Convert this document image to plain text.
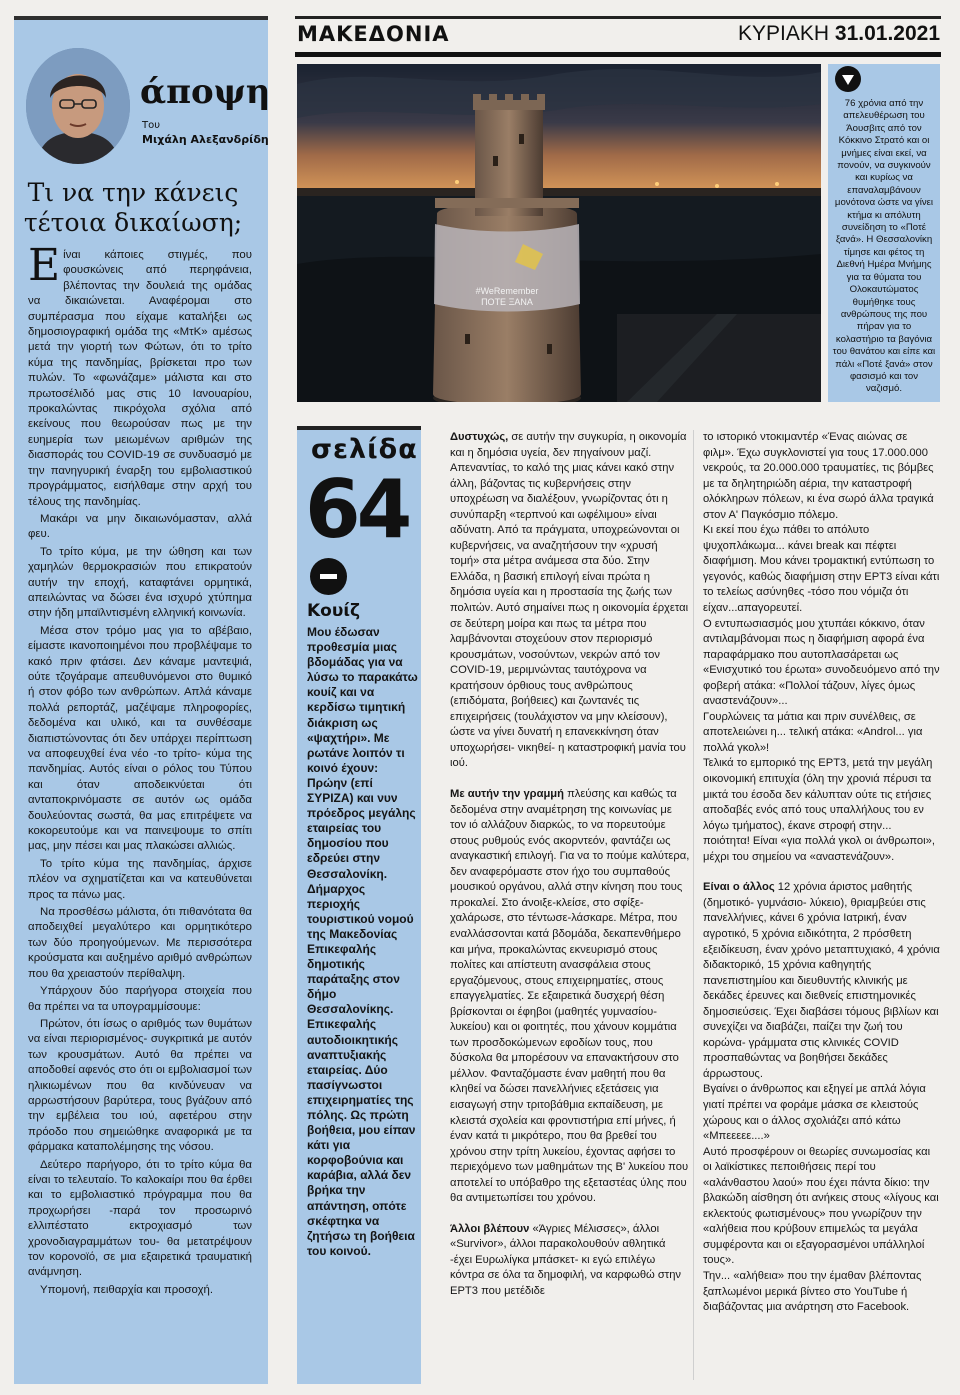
άποψη
Του
Μιχάλη Αλεξανδρίδη
Τι να την κάνεις τέτοια δικαίωση;

Είναι κάποιες στιγμές, που φουσκώνεις από περηφάνεια, βλέποντας την δουλειά της ομάδας να δικαιώνεται. Αναφέρομαι στο συμπέρασμα που είχαμε καταλήξει ως δημοσιογραφική ομάδα της «ΜτΚ» αμέσως μετά την γιορτή των Φώτων, ότι το τρίτο κύμα της πανδημίας, βρίσκεται προ των πυλών. Το «φωνάζαμε» μάλιστα και στο πρωτοσέλιδό μας στις 10 Ιανουαρίου, προκαλώντας πικρόχολα σχόλια από εκείνους που θεωρούσαν πως με την ευημερία των μειωμένων αριθμών της διασποράς του COVID-19 σε συνδυασμό με την πανηγυρική έναρξη του εμβολιαστικού προγράμματος, εισήλθαμε στην αρχή του τέλους της πανδημίας.

Μακάρι να μην δικαιωνόμασταν, αλλά φευ.

Το τρίτο κύμα, με την ώθηση και των χαμηλών θερμοκρασιών που επικρατούν αυτήν την εποχή, καταφτάνει ορμητικά, απειλώντας να δώσει ένα ισχυρό χτύπημα στην ήδη μπαϊλντισμένη ελληνική κοινωνία.

Μέσα στον τρόμο μας για το αβέβαιο, είμαστε ικανοποιημένοι που προβλέψαμε το κακό πριν φτάσει. Δεν κάναμε μαντεψιά, ούτε τζογάραμε απευθυνόμενοι στο θυμικό ή στον φόβο των ανθρώπων. Απλά κάναμε πολλά ρεπορτάζ, μαζέψαμε πληροφορίες, δεδομένα και υλικό, και τα συνθέσαμε διαπιστώνοντας ότι δεν υπάρχει περίπτωση να αποφευχθεί ένα νέο -το τρίτο- κύμα της πανδημίας. Αυτός είναι ο ρόλος του Τύπου και όταν αποδεικνύεται ότι ανταποκρινόμαστε σε αυτόν ως ομάδα δουλεύοντας σωστά, θα μας επιτρέψετε να κοκορευτούμε και να παινεψουμε το σπίτι μας, μην πέσει και μας πλακώσει αλλιώς.

Το τρίτο κύμα της πανδημίας, άρχισε πλέον να σχηματίζεται και να κατευθύνεται προς τα πάνω μας.

Να προσθέσω μάλιστα, ότι πιθανότατα θα αποδειχθεί μεγαλύτερο και ορμητικότερο των δύο προηγούμενων. Με περισσότερα κρούσματα και αυξημένο αριθμό ανθρώπων που θα χρειαστούν περίθαλψη.

Υπάρχουν δύο παρήγορα στοιχεία που θα πρέπει να τα υπογραμμίσουμε:

Πρώτον, ότι ίσως ο αριθμός των θυμάτων να είναι περιορισμένος- συγκριτικά με αυτόν των κρουσμάτων. Αυτό θα πρέπει να αποδοθεί αφενός στο ότι οι εμβολιασμοί των ηλικιωμένων που θα κινδύνευαν να αρρωστήσουν βαρύτερα, τους βγάζουν από την εμβέλεια του ιού, αφετέρου στην πρόοδο που σημειώθηκε αναφορικά με τα φάρμακα καταπολέμησης της νόσου.

Δεύτερο παρήγορο, ότι το τρίτο κύμα θα είναι το τελευταίο. Το καλοκαίρι που θα έρθει και το εμβολιαστικό πρόγραμμα που θα προχωρήσει -παρά τον προσωρινό ελλιπέστατο εκτροχιασμό των χρονοδιαγραμμάτων του- θα μετατρέψουν τον κορονοϊό, σε μια εξαιρετικά τραυματική ανάμνηση.

Υπομονή, πειθαρχία και προσοχή.

ΜΑΚΕΔΟΝΙΑ	ΚΥΡΙΑΚΗ 31.01.2021
#WeRemember
ΠΟΤΕ ΞΑΝΑ
76 χρόνια από την απελευθέρωση του Άουσβιτς από τον Κόκκινο Στρατό και οι μνήμες είναι εκεί, να πονούν, να συγκινούν και κυρίως να επαναλαμβάνουν μονότονα ώστε να γίνει κτήμα κι απόλυτη συνείδηση το «Ποτέ ξανά». Η Θεσσαλονίκη τίμησε και φέτος τη Διεθνή Ημέρα Μνήμης για τα θύματα του Ολοκαυτώματος θυμήθηκε τους ανθρώπους της που πήραν για το κολαστήριο τα βαγόνια του θανάτου και είπε και πάλι «Ποτέ ξανά» στον φασισμό και τον ναζισμό.
σελίδα
64
Κουίζ
Μου έδωσαν προθεσμία μιας βδομάδας για να λύσω το παρακάτω κουίζ και να κερδίσω τιμητική διάκριση ως «ψαχτήρι». Με ρωτάνε λοιπόν τι κοινό έχουν: Πρώην (επί ΣΥΡΙΖΑ) και νυν πρόεδρος μεγάλης εταιρείας του δημοσίου που εδρεύει στην Θεσσαλονίκη. Δήμαρχος περιοχής τουριστικού νομού της Μακεδονίας Επικεφαλής δημοτικής παράταξης στον δήμο Θεσσαλονίκης. Επικεφαλής αυτοδιοικητικής αναπτυξιακής εταιρείας. Δύο πασίγνωστοι επιχειρηματίες της πόλης. Ως πρώτη βοήθεια, μου είπαν κάτι για κορφοβούνια και καράβια, αλλά δεν βρήκα την απάντηση, οπότε σκέφτηκα να ζητήσω τη βοήθεια του κοινού.

Δυστυχώς, σε αυτήν την συγκυρία, η οικονομία και η δημόσια υγεία, δεν πηγαίνουν μαζί. Απεναντίας, το καλό της μιας κάνει κακό στην άλλη, βάζοντας τις κυβερνήσεις στην υποχρέωση να διαλέξουν, γνωρίζοντας ότι η συνύπαρξη «τερπνού και ωφέλιμου» είναι αδύνατη. Από τα πράγματα, υποχρεώνονται οι κυβερνήσεις, να αναζητήσουν την «χρυσή τομή» στα μέτρα ανάμεσα στα δύο. Στην Ελλάδα, η βασική επιλογή είναι πρώτα η δημόσια υγεία και η προστασία της ζωής των πολιτών. Αυτό σημαίνει πως η οικονομία έρχεται σε δεύτερη μοίρα και πως τα μέτρα που λαμβάνονται στοχεύουν στον περιορισμό κρουσμάτων, νοσούντων, νεκρών από τον COVID-19, μεριμνώντας ταυτόχρονα να κρατήσουν όρθιους τους ανθρώπους (επιδόματα, βοήθειες) και ζωντανές τις επιχειρήσεις (τουλάχιστον να μην κλείσουν), ώστε να γίνει δυνατή η επανεκκίνηση όταν υποχωρήσει- νικηθεί- η καταστροφική μανία του ιού.

Με αυτήν την γραμμή πλεύσης και καθώς τα δεδομένα στην αναμέτρηση της κοινωνίας με τον ιό αλλάζουν διαρκώς, το να πορευτούμε στους ρυθμούς ενός ακορντεόν, φαντάζει ως αναγκαστική επιλογή. Για να το πούμε καλύτερα, δεν αναφερόμαστε στον ήχο του συμπαθούς μουσικού οργάνου, αλλά στην κίνηση που τους προκαλεί. Στο άνοιξε-κλείσε, στο σφίξε-χαλάρωσε, στο τέντωσε-λάσκαρε. Μέτρα, που εναλλάσσονται κατά βδομάδα, δεκαπενθήμερο και μήνα, προκαλώντας εκνευρισμό στους πολίτες και απίστευτη ανασφάλεια στους εργαζόμενους, στους επιχειρηματίες, στους επαγγελματίες. Σε εξαιρετικά δυσχερή θέση βρίσκονται οι έφηβοι (μαθητές γυμνασίου- λυκείου) και οι φοιτητές, που χάνουν κομμάτια των προσδοκώμενων εφοδίων τους, που δύσκολα θα μπορέσουν να επανακτήσουν στο μέλλον. Φανταζόμαστε έναν μαθητή που θα κληθεί να δώσει πανελλήνιες εξετάσεις για εισαγωγή στην τριτοβάθμια εκπαίδευση, με κλειστά σχολεία και φροντιστήρια επί μήνες, ή έναν κατά τι μικρότερο, που θα βρεθεί του χρόνου στην τρίτη λυκείου, έχοντας αφήσει το περιεχόμενο των μαθημάτων της Β' λυκείου που αποτελεί το υπόβαθρο της εξεταστέας ύλης που θα αντιμετωπίσει του χρόνου.

Άλλοι βλέπουν «Άγριες Μέλισσες», άλλοι «Survivor», άλλοι παρακολουθούν αθλητικά -έχει Ευρωλίγκα μπάσκετ- κι εγώ επιλέγω κόντρα σε όλα τα δημοφιλή, να καρφωθώ στην ΕΡΤ3 που μετέδιδε

το ιστορικό ντοκιμαντέρ «Ένας αιώνας σε φιλμ». Έχω συγκλονιστεί για τους 17.000.000 νεκρούς, τα 20.000.000 τραυματίες, τις βόμβες με τα δηλητηριώδη αέρια, την καταστροφή ολόκληρων πόλεων, κι ένα σωρό άλλα τραγικά στον Α' Παγκόσμιο πόλεμο.

Κι εκεί που έχω πάθει το απόλυτο ψυχοπλάκωμα... κάνει break και πέφτει διαφήμιση. Μου κάνει τρομακτική εντύπωση το γεγονός, καθώς διαφήμιση στην ΕΡΤ3 είναι κάτι το τελείως ασύνηθες -τόσο που νόμιζα ότι είχαν...απαγορευτεί.

Ο εντυπωσιασμός μου χτυπάει κόκκινο, όταν αντιλαμβάνομαι πως η διαφήμιση αφορά ένα παραφάρμακο που αυτοπλασάρεται ως «Ενισχυτικό του έρωτα» συνοδευόμενο από την φοβερή ατάκα: «Πολλοί τάζουν, λίγες όμως αναστενάζουν»...

Γουρλώνεις τα μάτια και πριν συνέλθεις, σε αποτελειώνει η... τελική ατάκα: «Androl... για πολλά γκολ»!

Τελικά το εμπορικό της ΕΡΤ3, μετά την μεγάλη οικονομική επιτυχία (όλη την χρονιά πέρυσι τα μικτά του έσοδα δεν κάλυπταν ούτε τις ετήσιες αποδαβές ενός από τους υπαλλήλους του εν λόγω τμήματος), έκανε στροφή στην... ποιότητα! Είναι «για πολλά γκολ οι άνθρωποι», μέχρι του σημείου να «αναστενάζουν».

Είναι ο άλλος 12 χρόνια άριστος μαθητής (δημοτικό- γυμνάσιο- λύκειο), θριαμβεύει στις πανελλήνιες, κάνει 6 χρόνια Ιατρική, έναν αγροτικό, 5 χρόνια ειδικότητα, 2 πρόσθετη εξειδίκευση, έναν χρόνο μεταπτυχιακό, 4 χρόνια διδακτορικό, 15 χρόνια καθηγητής πανεπιστημίου και διευθυντής κλινικής με δεκάδες έρευνες και διεθνείς επιστημονικές δημοσιεύσεις. Έχει διαβάσει τόμους βιβλίων και συνεχίζει να διαβάζει, παίζει την ζωή του κορώνα- γράμματα στις κλινικές COVID προσπαθώντας να βοηθήσει δεκάδες άρρωστους.

Βγαίνει ο άνθρωπος και εξηγεί με απλά λόγια γιατί πρέπει να φοράμε μάσκα σε κλειστούς χώρους και ο άλλος σχολιάζει από κάτω «Μπεεεεε....»

Αυτό προσφέρουν οι θεωρίες συνωμοσίας και οι λαϊκίστικες πεποιθήσεις περί του «αλάνθαστου λαού» που έχει πάντα δίκιο: την βλακώδη αίσθηση ότι ανήκεις στους «λίγους και εκλεκτούς φωτισμένους» που γνωρίζουν την «αλήθεια που κρύβουν επιμελώς τα μεγάλα συμφέροντα και οι εξαγορασμένοι υπάλληλοί τους».

Την... «αλήθεια» που την έμαθαν βλέποντας ξαπλωμένοι μερικά βίντεο στο YouTube ή διαβάζοντας μια ανάρτηση στο Facebook.
